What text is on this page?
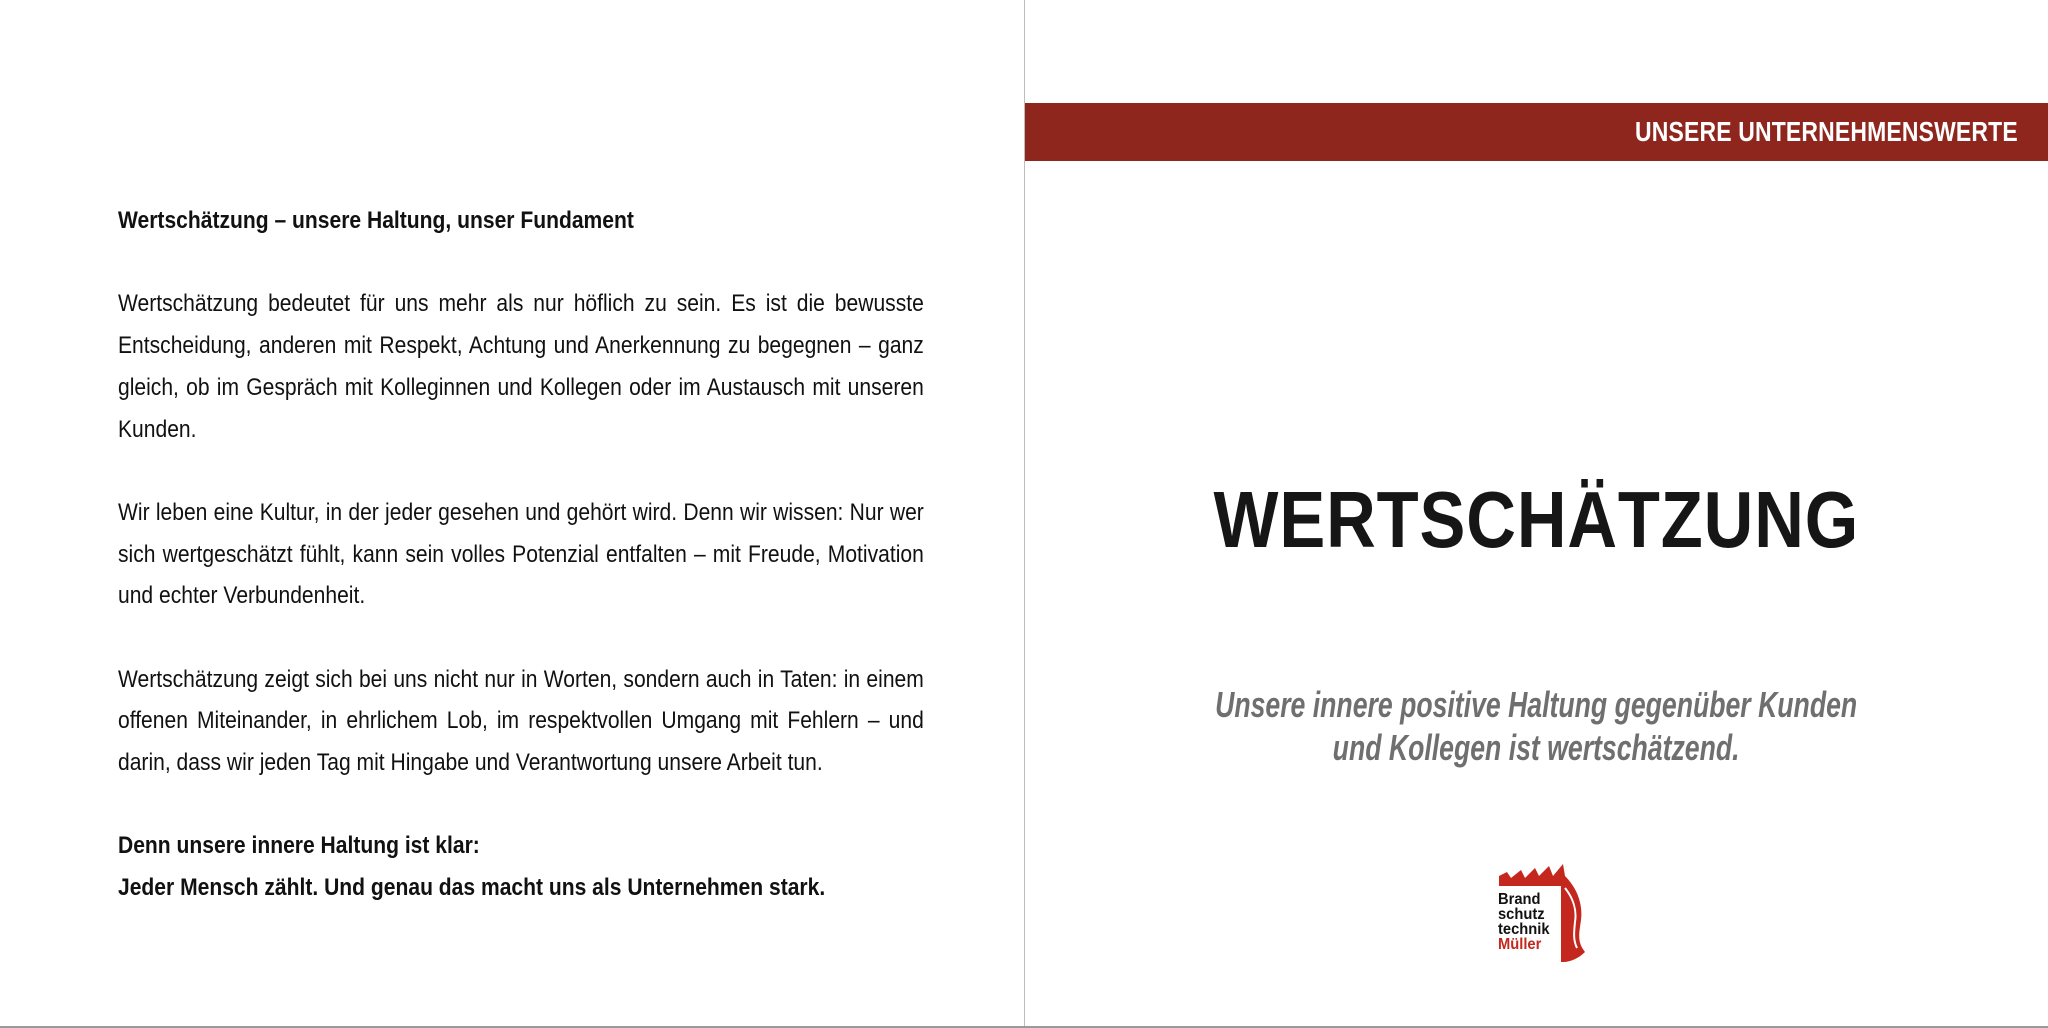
Wertschätzung – unsere Haltung, unser Fundament

Wertschätzung bedeutet für uns mehr als nur höflich zu sein. Es ist die bewusste Entscheidung, anderen mit Respekt, Achtung und Anerkennung zu begegnen – ganz gleich, ob im Gespräch mit Kolleginnen und Kollegen oder im Austausch mit unseren Kunden.

Wir leben eine Kultur, in der jeder gesehen und gehört wird. Denn wir wissen: Nur wer sich wertgeschätzt fühlt, kann sein volles Potenzial entfalten – mit Freude, Motivation und echter Verbundenheit.

Wertschätzung zeigt sich bei uns nicht nur in Worten, sondern auch in Taten: in einem offenen Miteinander, in ehrlichem Lob, im respektvollen Umgang mit Fehlern – und darin, dass wir jeden Tag mit Hingabe und Verantwortung unsere Arbeit tun.

Denn unsere innere Haltung ist klar:
Jeder Mensch zählt. Und genau das macht uns als Unternehmen stark.
UNSERE UNTERNEHMENSWERTE
WERTSCHÄTZUNG
Unsere innere positive Haltung gegenüber Kunden
und Kollegen ist wertschätzend.
Brand
schutz
technik
Müller
